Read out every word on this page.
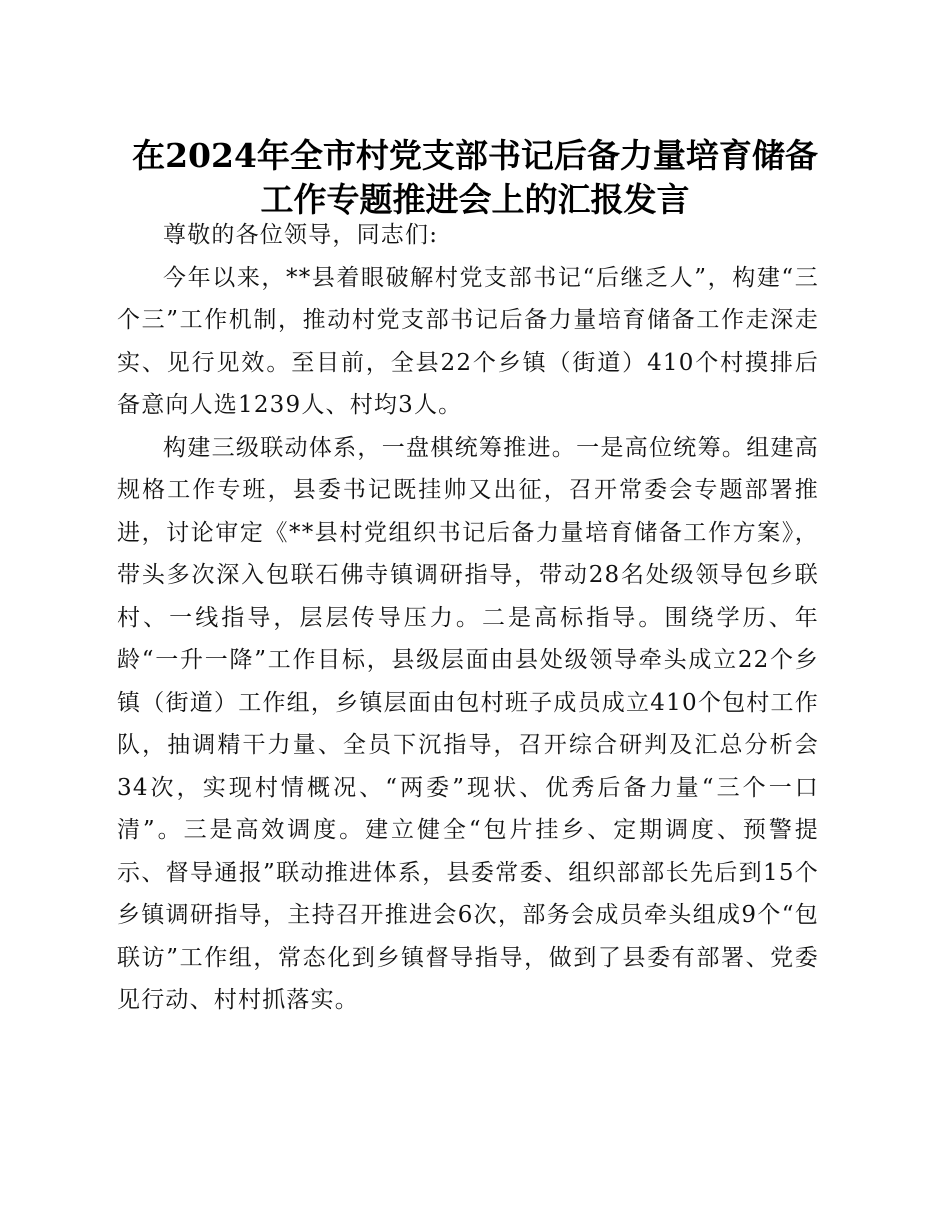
在2024年全市村党支部书记后备力量培育储备
工作专题推进会上的汇报发言

尊敬的各位领导，同志们:

今年以来，**县着眼破解村党支部书记“后继乏人”，构建“三个三”工作机制，推动村党支部书记后备力量培育储备工作走深走实、见行见效。至目前，全县22个乡镇（街道）410个村摸排后备意向人选1239人、村均3人。

构建三级联动体系，一盘棋统筹推进。一是高位统筹。组建高规格工作专班，县委书记既挂帅又出征，召开常委会专题部署推进，讨论审定《**县村党组织书记后备力量培育储备工作方案》，带头多次深入包联石佛寺镇调研指导，带动28名处级领导包乡联村、一线指导，层层传导压力。二是高标指导。围绕学历、年龄“一升一降”工作目标，县级层面由县处级领导牵头成立22个乡镇（街道）工作组，乡镇层面由包村班子成员成立410个包村工作队，抽调精干力量、全员下沉指导，召开综合研判及汇总分析会34次，实现村情概况、“两委”现状、优秀后备力量“三个一口清”。三是高效调度。建立健全“包片挂乡、定期调度、预警提示、督导通报”联动推进体系，县委常委、组织部部长先后到15个乡镇调研指导，主持召开推进会6次，部务会成员牵头组成9个“包联访”工作组，常态化到乡镇督导指导，做到了县委有部署、党委见行动、村村抓落实。
